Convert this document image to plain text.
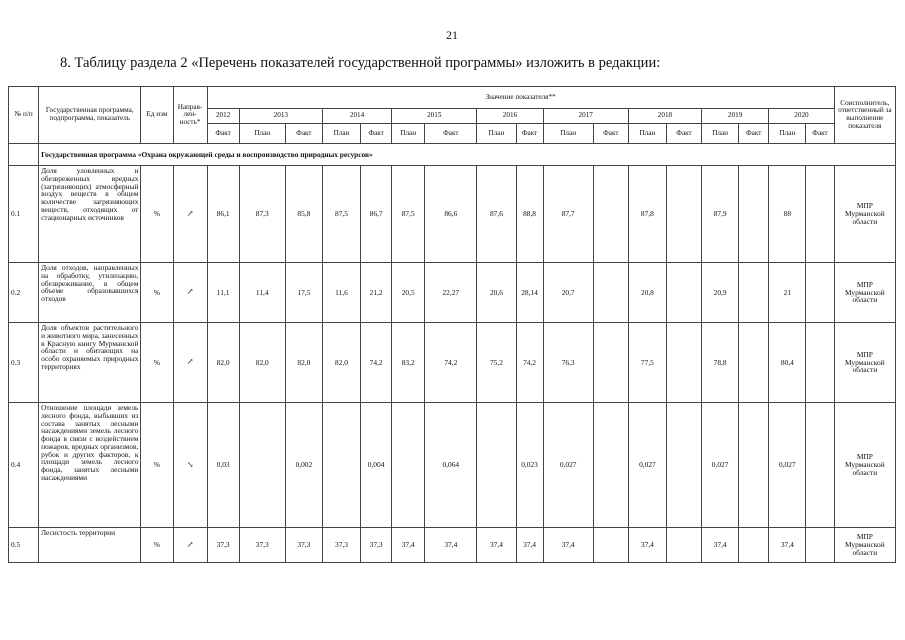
21
8. Таблицу раздела 2 «Перечень показателей государственной программы» изложить в редакции:
№ п/п	Государственная программа, подпрограмма, показатель	Ед изм	Направ-лен-ность*	Значение показателя**																	Соисполнитель, ответственный за выполнение показателя
				2012	2013		2014		2015		2016		2017		2018		2019		2020		
				Факт	План	Факт	План	Факт	План	Факт	План	Факт	План	Факт	План	Факт	План	Факт	План	Факт	
	Государственная программа «Охрана окружающей среды и воспроизводство природных ресурсов»																				
0.1	Доля уловленных и обезвреженных вредных (загрязняющих) атмосферный воздух веществ в общем количестве загрязняющих веществ, отходящих от стационарных источников	%	↗	86,1	87,3	85,8	87,5	86,7	87,5	86,6	87,6	88,8	87,7		87,8		87,9		88		МПР Мурманской области
0.2	Доля отходов, направленных на обработку, утилизацию, обезвреживание, в общем объеме образовавшихся отходов	%	↗	11,1	11,4	17,5	11,6	21,2	20,5	22,27	20,6	28,14	20,7		20,8		20,9		21		МПР Мурманской области
0.3	Доля объектов растительного и животного мира, занесенных в Красную книгу Мурманской области и обитающих на особо охраняемых природных территориях	%	↗	82,0	82,0	82,0	82,0	74,2	83,2	74,2	75,2	74,2	76,3		77,5		78,8		80,4		МПР Мурманской области
0.4	Отношение площади земель лесного фонда, выбывших из состава занятых лесными насаждениями земель лесного фонда в связи с воздействием пожаров, вредных организмов, рубок и других факторов, к площади земель лесного фонда, занятых лесными насаждениями	%	↘	0,03		0,002		0,004		0,064		0,023	0,027		0,027		0,027		0,027		МПР Мурманской области
0.5	Лесистость территории	%	↗	37,3	37,3	37,3	37,3	37,3	37,4	37,4	37,4	37,4	37,4		37,4		37,4		37,4		МПР Мурманской области
